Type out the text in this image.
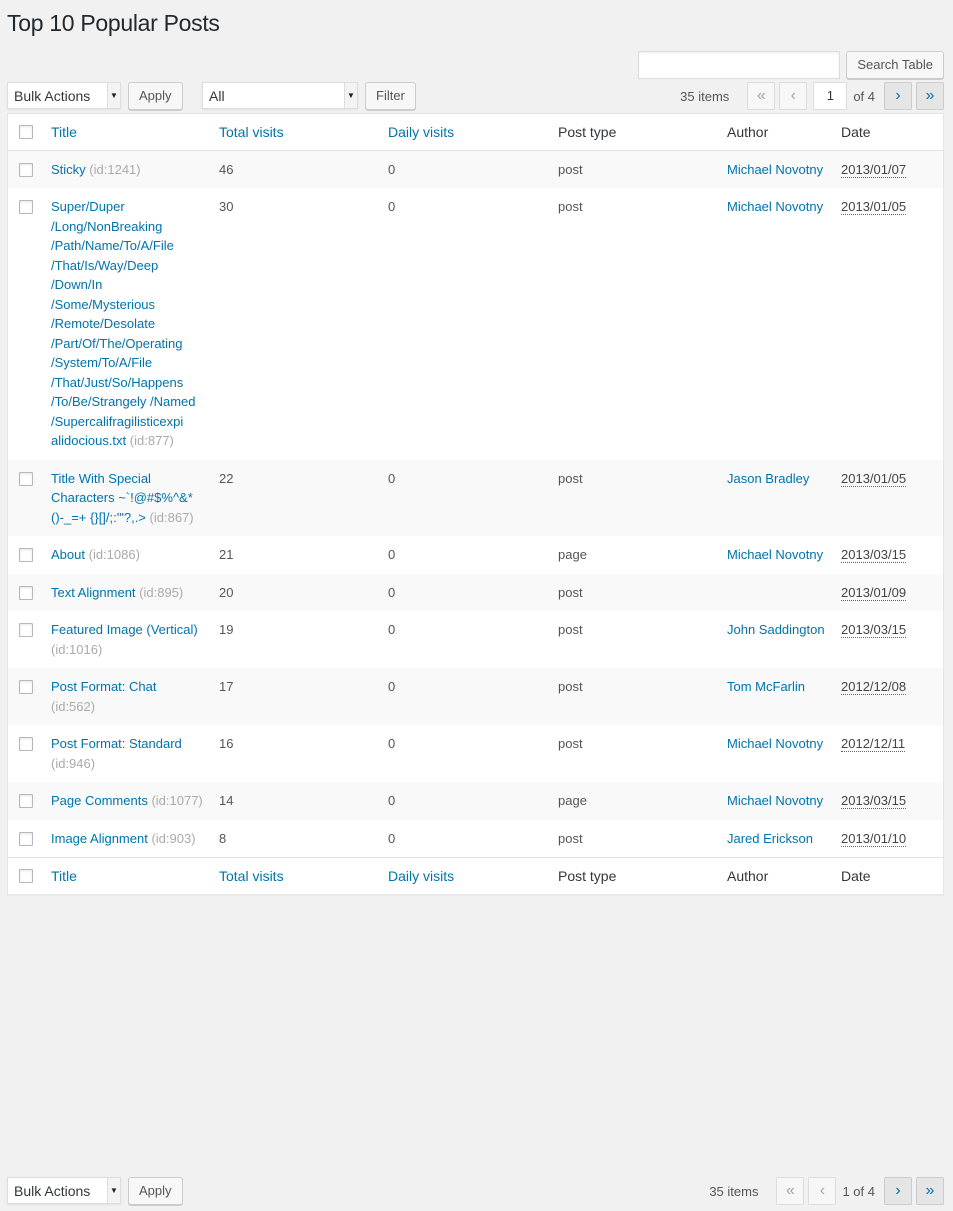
Top 10 Popular Posts
Search Table
Bulk Actions	▼	Apply	All	▼	Filter	35 items	«	‹	1	of 4	›	»
	Title	Total visits	Daily visits	Post type	Author	Date

	Sticky (id:1241)	46	0	post	Michael Novotny	2013/01/07

	Super/Duper /Long/NonBreaking /Path/Name/To/A/File /That/Is/Way/Deep /Down/In /Some/Mysterious /Remote/Desolate /Part/Of/The/Operating /System/To/A/File /That/Just/So/Happens /To/Be/Strangely /Named /Supercalifragilisticexpi alidocious.txt (id:877)	30	0	post	Michael Novotny	2013/01/05

	Title With Special Characters ~`!@#$%^&*()-_=+ {}[]/;:'"?,.> (id:867)	22	0	post	Jason Bradley	2013/01/05

	About (id:1086)	21	0	page	Michael Novotny	2013/03/15

	Text Alignment (id:895)	20	0	post		2013/01/09

	Featured Image (Vertical) (id:1016)	19	0	post	John Saddington	2013/03/15

	Post Format: Chat (id:562)	17	0	post	Tom McFarlin	2012/12/08

	Post Format: Standard (id:946)	16	0	post	Michael Novotny	2012/12/11

	Page Comments (id:1077)	14	0	page	Michael Novotny	2013/03/15

	Image Alignment (id:903)	8	0	post	Jared Erickson	2013/01/10

	Title	Total visits	Daily visits	Post type	Author	Date
Bulk Actions	▼	Apply	35 items	«	‹	1 of 4	›	»
